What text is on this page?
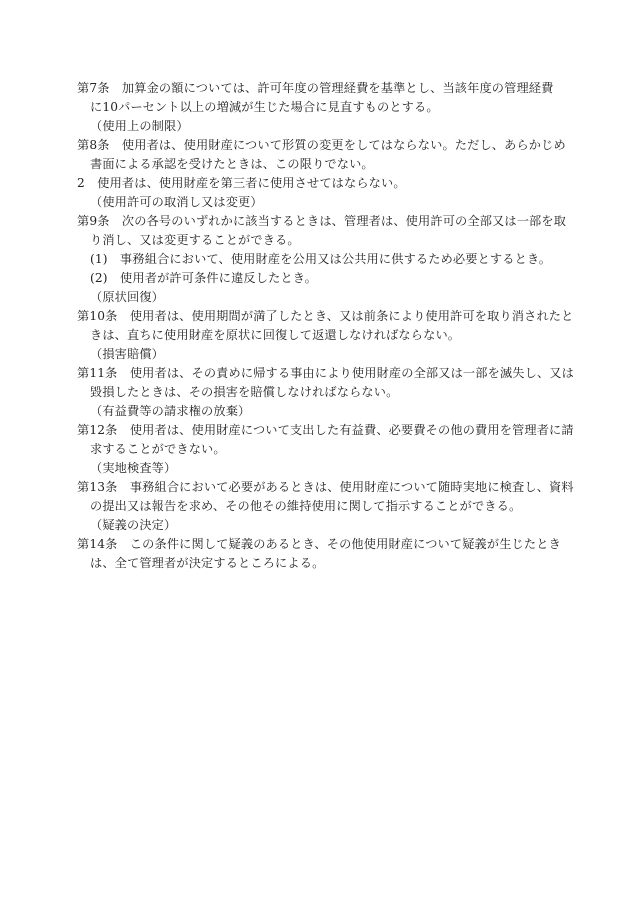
第7条　加算金の額については、許可年度の管理経費を基準とし、当該年度の管理経費
に10パーセント以上の増減が生じた場合に見直すものとする。
（使用上の制限）
第8条　使用者は、使用財産について形質の変更をしてはならない。ただし、あらかじめ
書面による承認を受けたときは、この限りでない。
2　使用者は、使用財産を第三者に使用させてはならない。
（使用許可の取消し又は変更）
第9条　次の各号のいずれかに該当するときは、管理者は、使用許可の全部又は一部を取
り消し、又は変更することができる。
(1)　事務組合において、使用財産を公用又は公共用に供するため必要とするとき。
(2)　使用者が許可条件に違反したとき。
（原状回復）
第10条　使用者は、使用期間が満了したとき、又は前条により使用許可を取り消されたと
きは、直ちに使用財産を原状に回復して返還しなければならない。
（損害賠償）
第11条　使用者は、その責めに帰する事由により使用財産の全部又は一部を滅失し、又は
毀損したときは、その損害を賠償しなければならない。
（有益費等の請求権の放棄）
第12条　使用者は、使用財産について支出した有益費、必要費その他の費用を管理者に請
求することができない。
（実地検査等）
第13条　事務組合において必要があるときは、使用財産について随時実地に検査し、資料
の提出又は報告を求め、その他その維持使用に関して指示することができる。
（疑義の決定）
第14条　この条件に関して疑義のあるとき、その他使用財産について疑義が生じたとき
は、全て管理者が決定するところによる。
